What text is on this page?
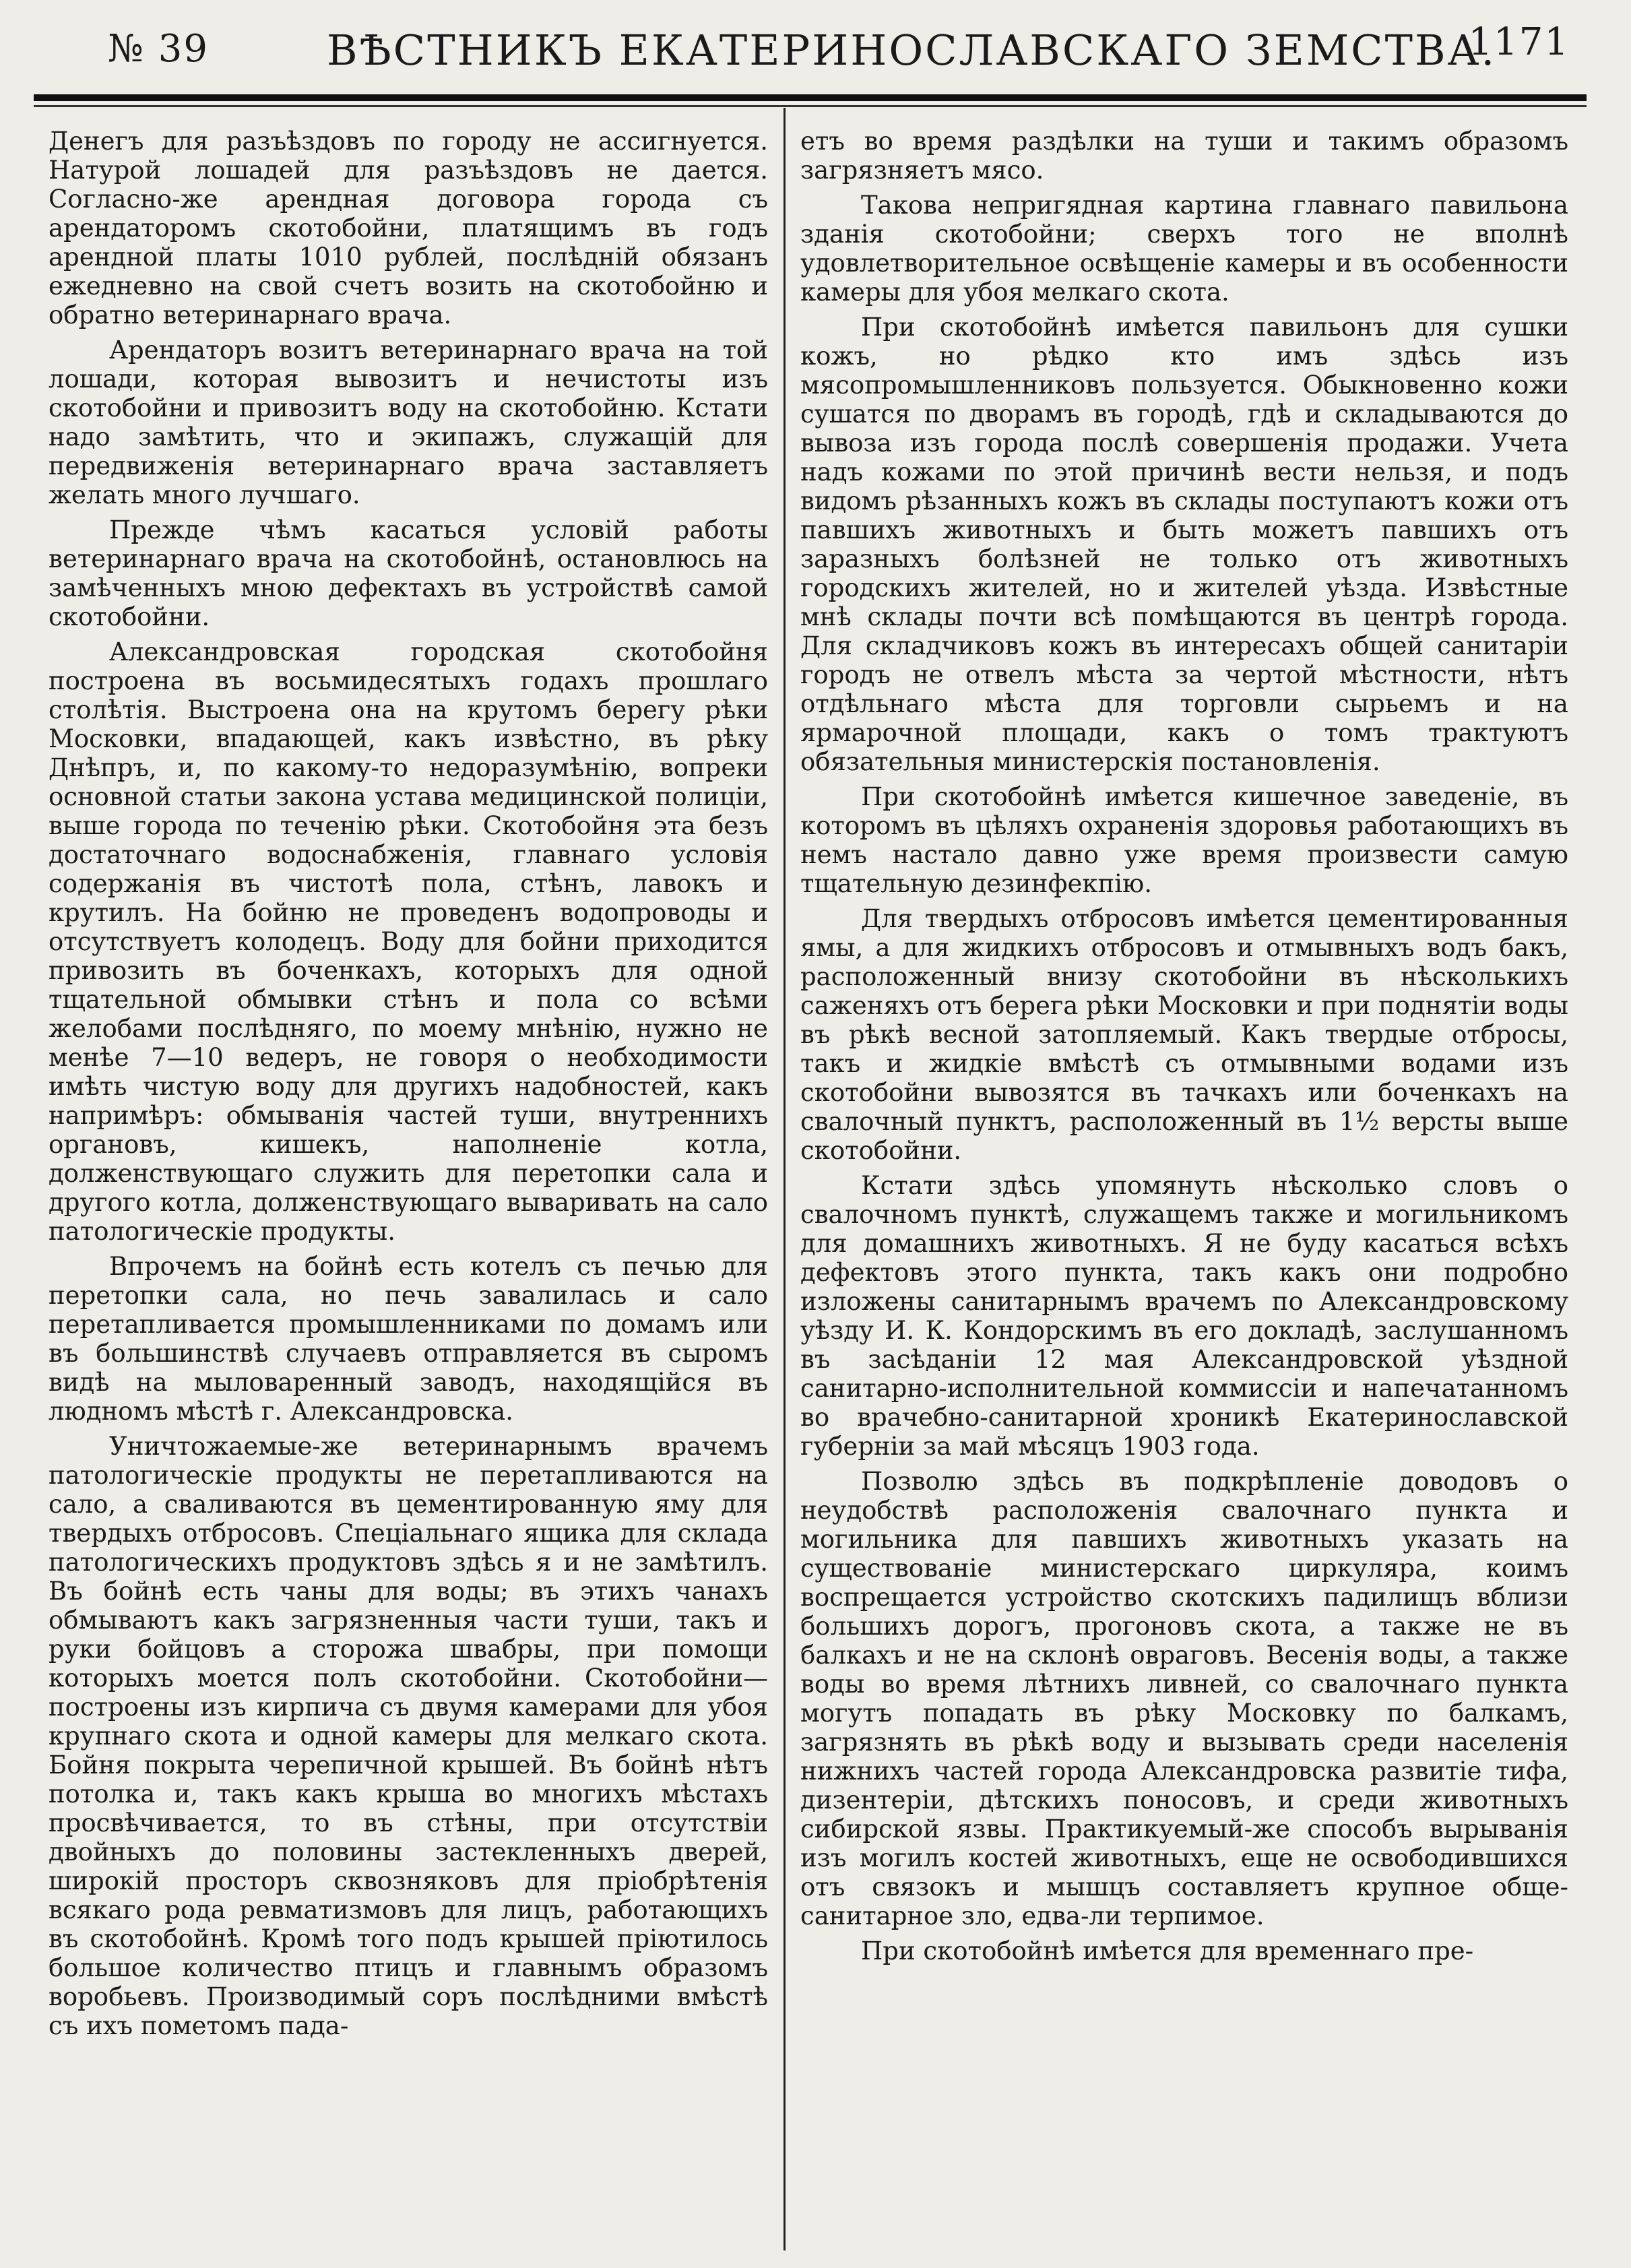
№ 39	ВѢСТНИКЪ ЕКАТЕРИНОСЛАВСКАГО ЗЕМСТВА.
1171

Денегъ для разъѣздовъ по городу не ассигнуется. Натурой лошадей для разъѣздовъ не дается. Согласно-же арендная договора города съ арендаторомъ скотобойни, платящимъ въ годъ арендной платы 1010 рублей, послѣдній обязанъ ежедневно на свой счетъ возить на скотобойню и обратно ветеринарнаго врача.

Арендаторъ возитъ ветеринарнаго врача на той лошади, которая вывозитъ и нечистоты изъ скотобойни и привозитъ воду на скотобойню. Кстати надо замѣтить, что и экипажъ, служащій для передвиженія ветеринарнаго врача заставляетъ желать много лучшаго.

Прежде чѣмъ касаться условій работы ветеринарнаго врача на скотобойнѣ, остановлюсь на замѣченныхъ мною дефектахъ въ устройствѣ самой скотобойни.

Александровская городская скотобойня построена въ восьмидесятыхъ годахъ прошлаго столѣтія. Выстроена она на крутомъ берегу рѣки Московки, впадающей, какъ извѣстно, въ рѣку Днѣпръ, и, по какому-то недоразумѣнію, вопреки основной статьи закона устава медицинской полиціи, выше города по теченію рѣки. Скотобойня эта безъ достаточнаго водоснабженія, главнаго условія содержанія въ чистотѣ пола, стѣнъ, лавокъ и крутилъ. На бойню не проведенъ водопроводы и отсутствуетъ колодецъ. Воду для бойни приходится привозить въ боченкахъ, которыхъ для одной тщательной обмывки стѣнъ и пола со всѣми желобами послѣдняго, по моему мнѣнію, нужно не менѣе 7—10 ведеръ, не говоря о необходимости имѣть чистую воду для другихъ надобностей, какъ напримѣръ: обмыванія частей туши, внутреннихъ органовъ, кишекъ, наполненіе котла, долженствующаго служить для перетопки сала и другого котла, долженствующаго вываривать на сало патологическіе продукты.

Впрочемъ на бойнѣ есть котелъ съ печью для перетопки сала, но печь завалилась и сало перетапливается промышленниками по домамъ или въ большинствѣ случаевъ отправляется въ сыромъ видѣ на мыловаренный заводъ, находящійся въ людномъ мѣстѣ г. Александровска.

Уничтожаемые-же ветеринарнымъ врачемъ патологическіе продукты не перетапливаются на сало, а сваливаются въ цементированную яму для твердыхъ отбросовъ. Спеціальнаго ящика для склада патологическихъ продуктовъ здѣсь я и не замѣтилъ. Въ бойнѣ есть чаны для воды; въ этихъ чанахъ обмываютъ какъ загрязненныя части туши, такъ и руки бойцовъ а сторожа швабры, при помощи которыхъ моется полъ скотобойни. Скотобойни—построены изъ кирпича съ двумя камерами для убоя крупнаго скота и одной камеры для мелкаго скота. Бойня покрыта черепичной крышей. Въ бойнѣ нѣтъ потолка и, такъ какъ крыша во многихъ мѣстахъ просвѣчивается, то въ стѣны, при отсутствіи двойныхъ до половины застекленныхъ дверей, широкій просторъ сквозняковъ для пріобрѣтенія всякаго рода ревматизмовъ для лицъ, работающихъ въ скотобойнѣ. Кромѣ того подъ крышей пріютилось большое количество птицъ и главнымъ образомъ воробьевъ. Производимый соръ послѣдними вмѣстѣ съ ихъ пометомъ пада-

етъ во время раздѣлки на туши и такимъ образомъ загрязняетъ мясо.

Такова непригядная картина главнаго павильона зданія скотобойни; сверхъ того не вполнѣ удовлетворительное освѣщеніе камеры и въ особенности камеры для убоя мелкаго скота.

При скотобойнѣ имѣется павильонъ для сушки кожъ, но рѣдко кто имъ здѣсь изъ мясопромышленниковъ пользуется. Обыкновенно кожи сушатся по дворамъ въ городѣ, гдѣ и складываются до вывоза изъ города послѣ совершенія продажи. Учета надъ кожами по этой причинѣ вести нельзя, и подъ видомъ рѣзанныхъ кожъ въ склады поступаютъ кожи отъ павшихъ животныхъ и быть можетъ павшихъ отъ заразныхъ болѣзней не только отъ животныхъ городскихъ жителей, но и жителей уѣзда. Извѣстные мнѣ склады почти всѣ помѣщаются въ центрѣ города. Для складчиковъ кожъ въ интересахъ общей санитаріи городъ не отвелъ мѣста за чертой мѣстности, нѣтъ отдѣльнаго мѣста для торговли сырьемъ и на ярмарочной площади, какъ о томъ трактуютъ обязательныя министерскія постановленія.

При скотобойнѣ имѣется кишечное заведеніе, въ которомъ въ цѣляхъ охраненія здоровья работающихъ въ немъ настало давно уже время произвести самую тщательную дезинфекпію.

Для твердыхъ отбросовъ имѣется цементированныя ямы, а для жидкихъ отбросовъ и отмывныхъ водъ бакъ, расположенный внизу скотобойни въ нѣсколькихъ саженяхъ отъ берега рѣки Московки и при поднятіи воды въ рѣкѣ весной затопляемый. Какъ твердые отбросы, такъ и жидкіе вмѣстѣ съ отмывными водами изъ скотобойни вывозятся въ тачкахъ или боченкахъ на свалочный пунктъ, расположенный въ 1½ версты выше скотобойни.

Кстати здѣсь упомянуть нѣсколько словъ о свалочномъ пунктѣ, служащемъ также и могильникомъ для домашнихъ животныхъ. Я не буду касаться всѣхъ дефектовъ этого пункта, такъ какъ они подробно изложены санитарнымъ врачемъ по Александровскому уѣзду И. К. Кондорскимъ въ его докладѣ, заслушанномъ въ засѣданіи 12 мая Александровской уѣздной санитарно-исполнительной коммиссіи и напечатанномъ во врачебно-санитарной хроникѣ Екатеринославской губерніи за май мѣсяцъ 1903 года.

Позволю здѣсь въ подкрѣпленіе доводовъ о неудобствѣ расположенія свалочнаго пункта и могильника для павшихъ животныхъ указать на существованіе министерскаго циркуляра, коимъ воспрещается устройство скотскихъ падилищъ вблизи большихъ дорогъ, прогоновъ скота, а также не въ балкахъ и не на склонѣ овраговъ. Весенія воды, а также воды во время лѣтнихъ ливней, со свалочнаго пункта могутъ попадать въ рѣку Московку по балкамъ, загрязнять въ рѣкѣ воду и вызывать среди населенія нижнихъ частей города Александровска развитіе тифа, дизентеріи, дѣтскихъ поносовъ, и среди животныхъ сибирской язвы. Практикуемый-же способъ вырыванія изъ могилъ костей животныхъ, еще не освободившихся отъ связокъ и мышцъ составляетъ крупное обще-санитарное зло, едва-ли терпимое.

При скотобойнѣ имѣется для временнаго пре-
